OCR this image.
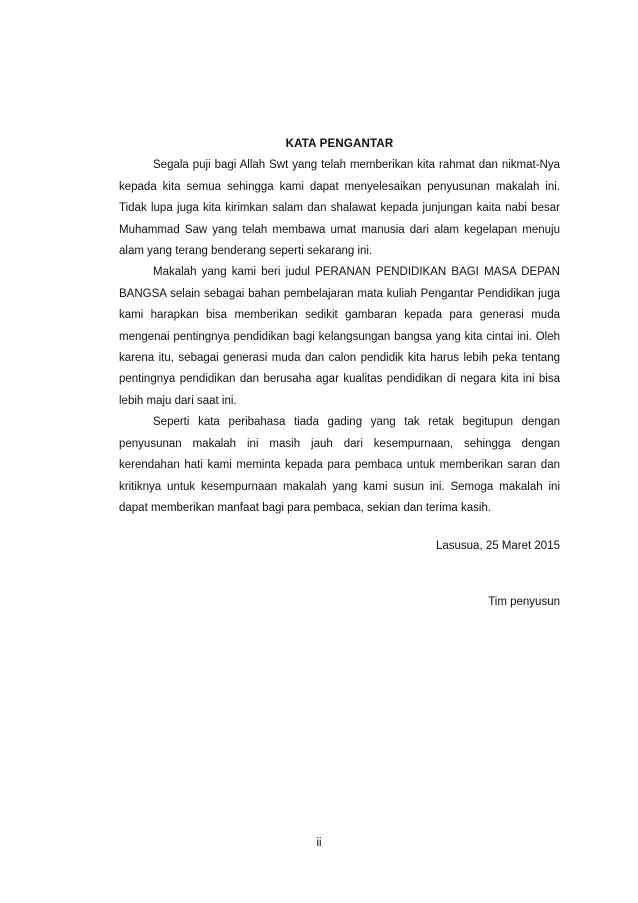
KATA PENGANTAR

Segala puji bagi Allah Swt yang telah memberikan kita rahmat dan nikmat-Nya kepada kita semua sehingga kami dapat menyelesaikan penyusunan makalah ini. Tidak lupa juga kita kirimkan salam dan shalawat kepada junjungan kaita nabi besar Muhammad Saw yang telah membawa umat manusia dari alam kegelapan menuju alam yang terang benderang seperti sekarang ini.

Makalah yang kami beri judul PERANAN PENDIDIKAN BAGI MASA DEPAN BANGSA selain sebagai bahan pembelajaran mata kuliah Pengantar Pendidikan juga kami harapkan bisa memberikan sedikit gambaran kepada para generasi muda mengenai pentingnya pendidikan bagi kelangsungan bangsa yang kita cintai ini. Oleh karena itu, sebagai generasi muda dan calon pendidik kita harus lebih peka tentang pentingnya pendidikan dan berusaha agar kualitas pendidikan di negara kita ini bisa lebih maju dari saat ini.

Seperti kata peribahasa tiada gading yang tak retak begitupun dengan penyusunan makalah ini masih jauh dari kesempurnaan, sehingga dengan kerendahan hati kami meminta kepada para pembaca untuk memberikan saran dan kritiknya untuk kesempurnaan makalah yang kami susun ini. Semoga makalah ini dapat memberikan manfaat bagi para pembaca, sekian dan terima kasih.

Lasusua, 25 Maret 2015

Tim penyusun

ii
